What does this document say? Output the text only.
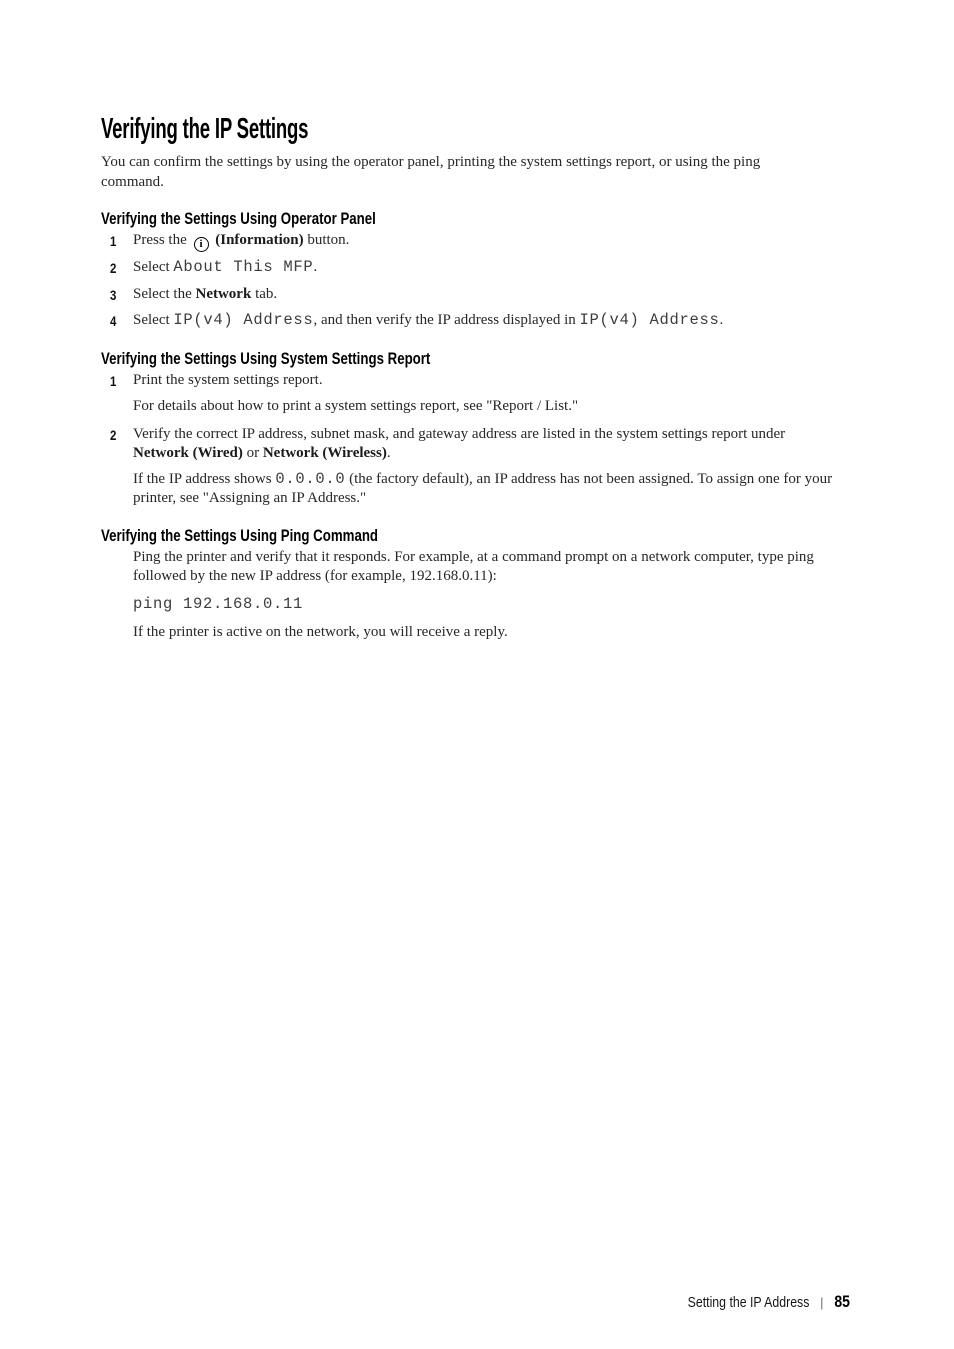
Verifying the IP Settings
You can confirm the settings by using the operator panel, printing the system settings report, or using the ping
command.
Verifying the Settings Using Operator Panel
1	Press the i (Information) button.
2	Select About This MFP.
3	Select the Network tab.
4	Select IP(v4) Address, and then verify the IP address displayed in IP(v4) Address.
Verifying the Settings Using System Settings Report
1	Print the system settings report.
For details about how to print a system settings report, see "Report / List."
2	Verify the correct IP address, subnet mask, and gateway address are listed in the system settings report under
Network (Wired) or Network (Wireless).
If the IP address shows 0.0.0.0 (the factory default), an IP address has not been assigned. To assign one for your
printer, see "Assigning an IP Address."
Verifying the Settings Using Ping Command
Ping the printer and verify that it responds. For example, at a command prompt on a network computer, type ping
followed by the new IP address (for example, 192.168.0.11):
ping 192.168.0.11
If the printer is active on the network, you will receive a reply.
Setting the IP Address | 85
